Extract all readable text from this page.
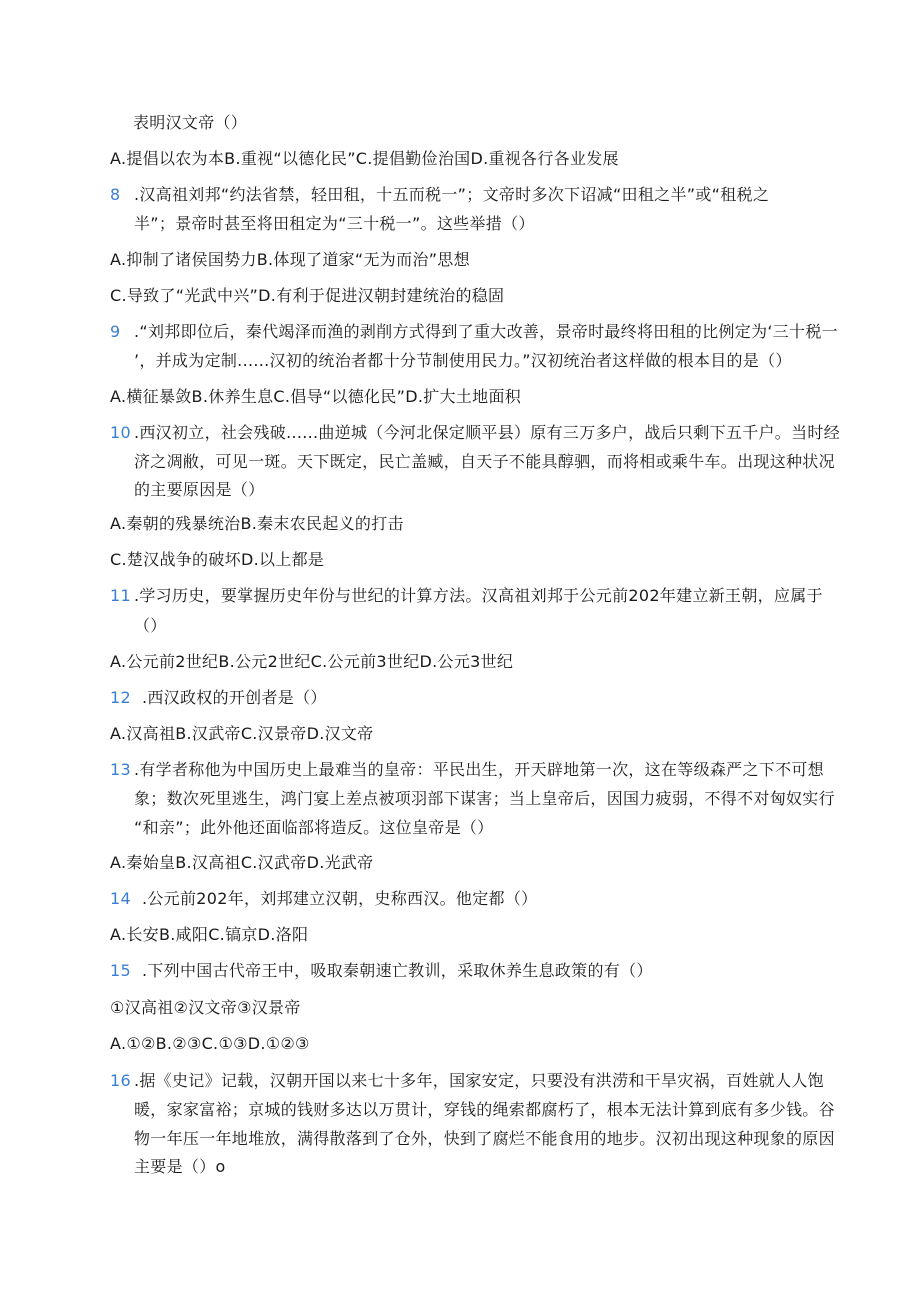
表明汉文帝（）
A.提倡以农为本B.重视“以德化民”C.提倡勤俭治国D.重视各行各业发展
8 .汉高祖刘邦“约法省禁，轻田租，十五而税一”；文帝时多次下诏减“田租之半”或“租税之
半”；景帝时甚至将田租定为“三十税一”。这些举措（）
A.抑制了诸侯国势力B.体现了道家“无为而治”思想
C.导致了“光武中兴”D.有利于促进汉朝封建统治的稳固
9 .“刘邦即位后，秦代竭泽而渔的剥削方式得到了重大改善，景帝时最终将田租的比例定为‘三十税一
’，并成为定制......汉初的统治者都十分节制使用民力。”汉初统治者这样做的根本目的是（）
A.横征暴敛B.休养生息C.倡导“以德化民”D.扩大土地面积
10 .西汉初立，社会残破......曲逆城（今河北保定顺平县）原有三万多户，战后只剩下五千户。当时经
济之凋敝，可见一斑。天下既定，民亡盖臧，自天子不能具醇驷，而将相或乘牛车。出现这种状况
的主要原因是（）
A.秦朝的残暴统治B.秦末农民起义的打击
C.楚汉战争的破坏D.以上都是
11 .学习历史，要掌握历史年份与世纪的计算方法。汉高祖刘邦于公元前202年建立新王朝，应属于
（）
A.公元前2世纪B.公元2世纪C.公元前3世纪D.公元3世纪
12 .西汉政权的开创者是（）
A.汉高祖B.汉武帝C.汉景帝D.汉文帝
13 .有学者称他为中国历史上最难当的皇帝：平民出生，开天辟地第一次，这在等级森严之下不可想
象；数次死里逃生，鸿门宴上差点被项羽部下谋害；当上皇帝后，因国力疲弱，不得不对匈奴实行
“和亲”；此外他还面临部将造反。这位皇帝是（）
A.秦始皇B.汉高祖C.汉武帝D.光武帝
14 .公元前202年，刘邦建立汉朝，史称西汉。他定都（）
A.长安B.咸阳C.镐京D.洛阳
15 .下列中国古代帝王中，吸取秦朝速亡教训，采取休养生息政策的有（）
①汉高祖②汉文帝③汉景帝
A.①②B.②③C.①③D.①②③
16 .据《史记》记载，汉朝开国以来七十多年，国家安定，只要没有洪涝和干旱灾祸，百姓就人人饱
暖，家家富裕；京城的钱财多达以万贯计，穿钱的绳索都腐朽了，根本无法计算到底有多少钱。谷
物一年压一年地堆放，满得散落到了仓外，快到了腐烂不能食用的地步。汉初出现这种现象的原因
主要是（）o
